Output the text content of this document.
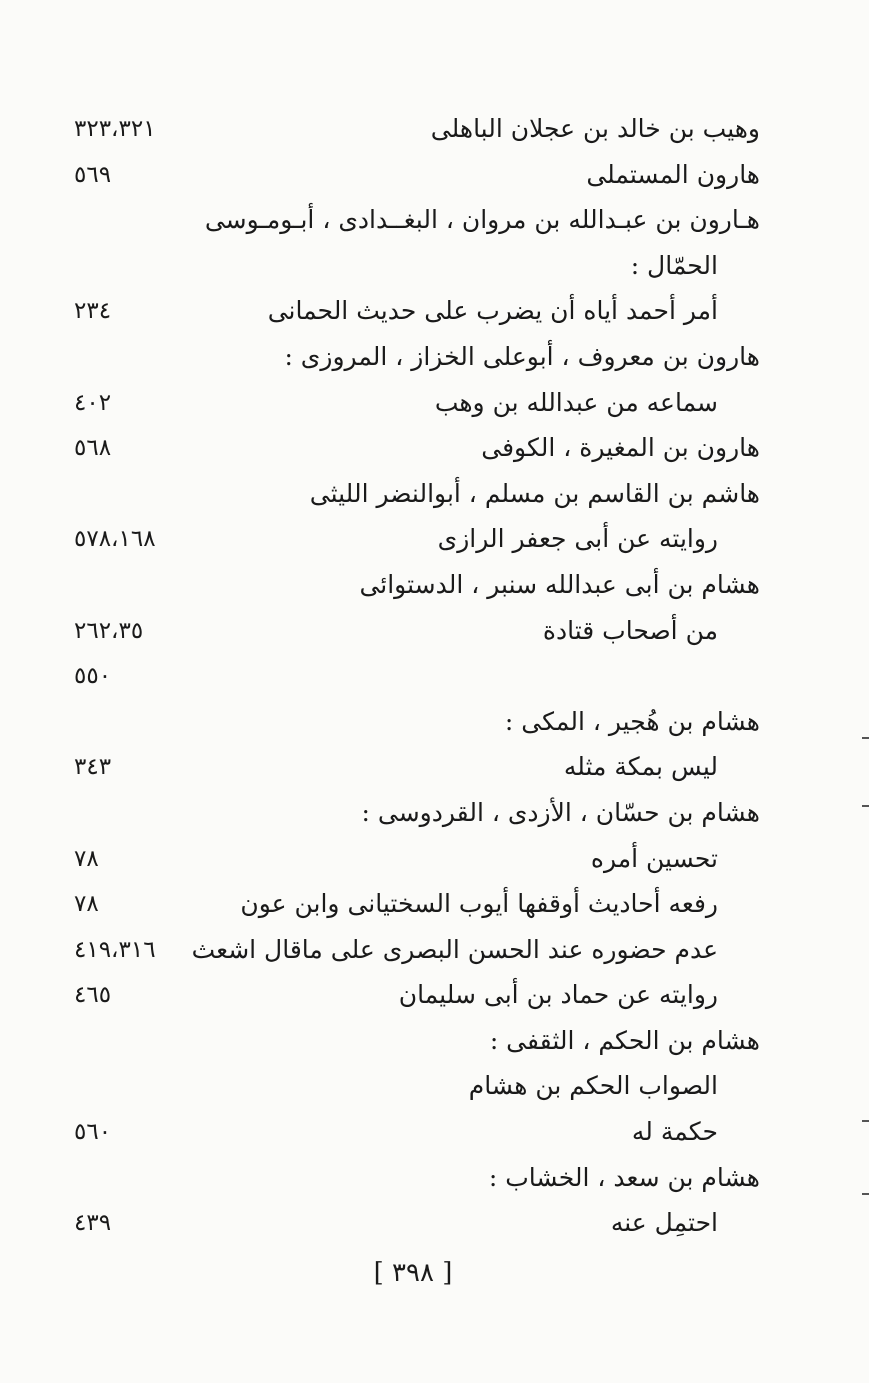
وهيب بن خالد بن عجلان الباهلى
٣٢٣،٣٢١
هارون المستملى
٥٦٩
هـارون بن عبـدالله بن مروان ، البغــدادى ، أبـومـوسى
الحمّال :
أمر أحمد أياه أن يضرب على حديث الحمانى
٢٣٤
هارون بن معروف ، أبوعلى الخزاز ، المروزى :
سماعه من عبدالله بن وهب
٤٠٢
هارون بن المغيرة ، الكوفى
٥٦٨
هاشم بن القاسم بن مسلم ، أبوالنضر الليثى
روايته عن أبى جعفر الرازى
٥٧٨،١٦٨
هشام بن أبى عبدالله سنبر ، الدستوائى
من أصحاب قتادة
٢٦٢،٣٥
٥٥٠
هشام بن هُجير ، المكى :
ليس بمكة مثله
٣٤٣
هشام بن حسّان ، الأزدى ، القردوسى :
تحسين أمره
٧٨
رفعه أحاديث أوقفها أيوب السختيانى وابن عون
٧٨
عدم حضوره عند الحسن البصرى على ماقال اشعث
٤١٩،٣١٦
روايته عن حماد بن أبى سليمان
٤٦٥
هشام بن الحكم ، الثقفى :
الصواب الحكم بن هشام
حكمة له
٥٦٠
هشام بن سعد ، الخشاب :
احتمِل عنه
٤٣٩
[ ٣٩٨ ]
